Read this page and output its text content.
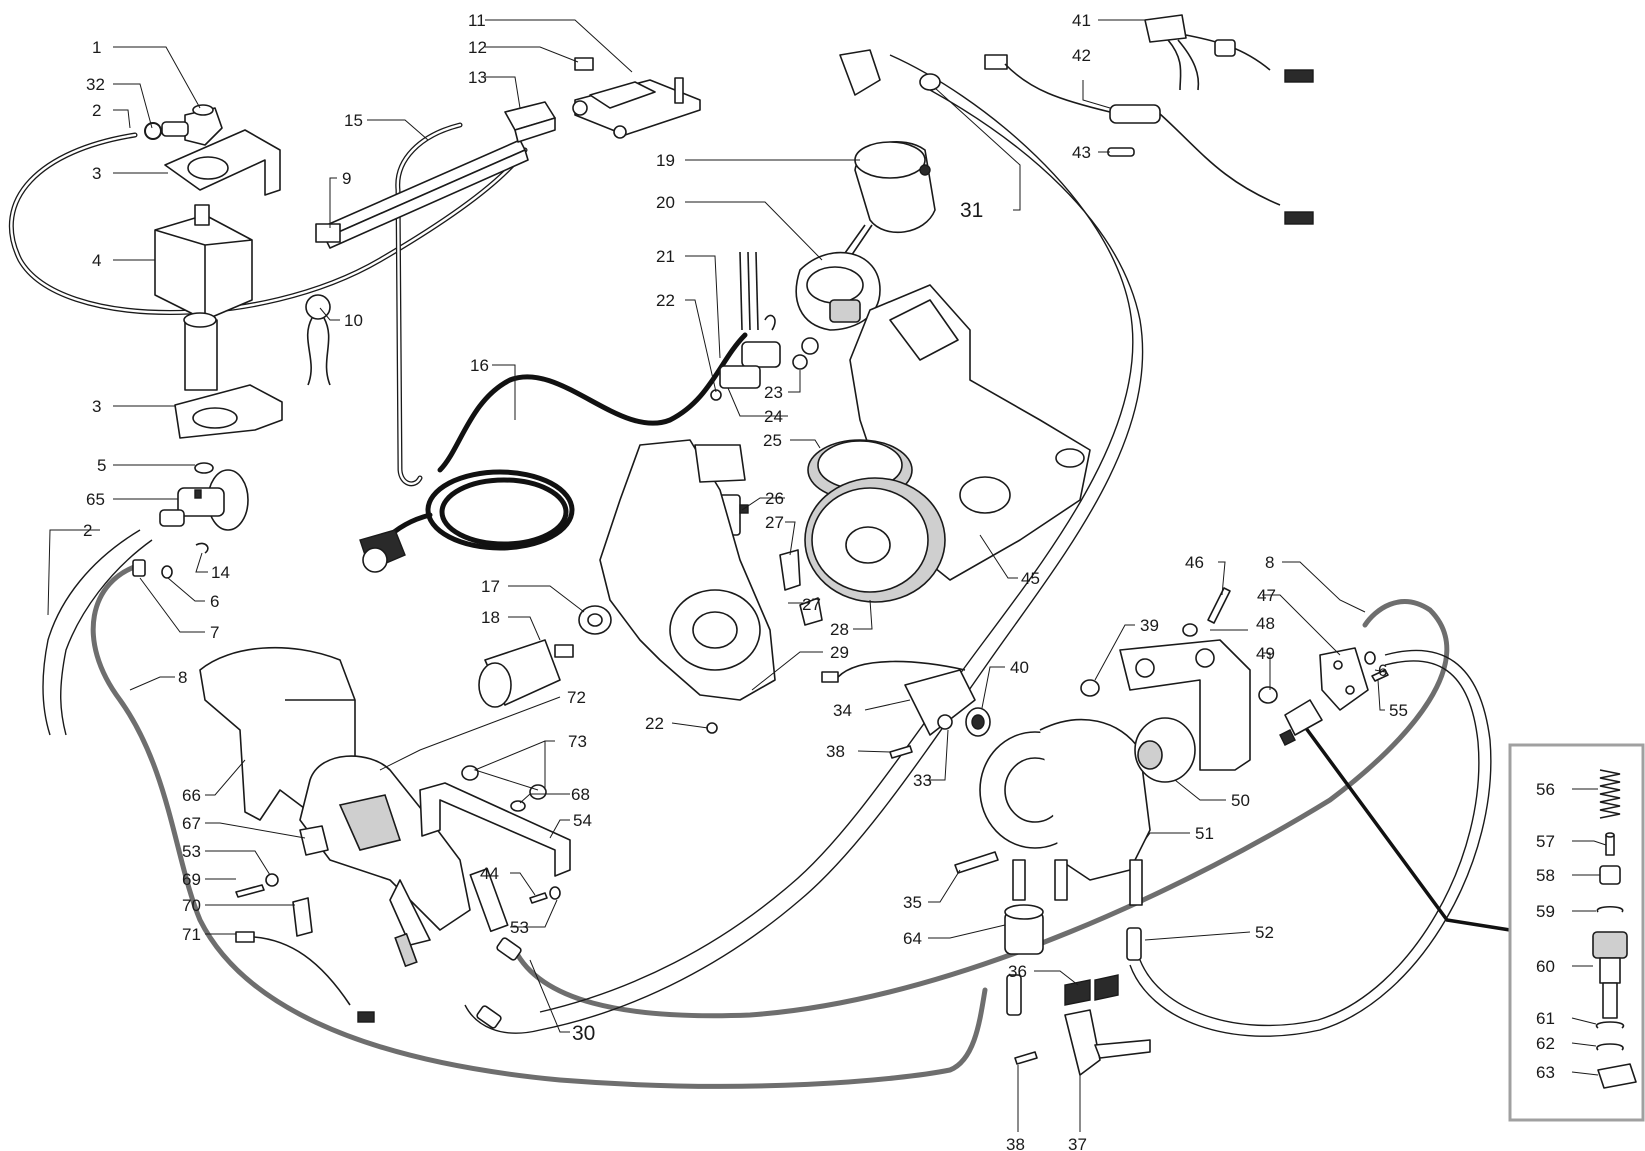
1
32
2
3
4
3
5
65
2
14
6
7
8
11
12
13
15
9
10
16
17
18
19
20
21
22
23
24
25
26
27
27
28
29
22
72
73
68
54
44
53
66
67
53
69
70
71
30
31
41
42
43
45
46	8
47
48
39
49
6
55
40
34
38
33
50
51
35
64	52
36
38	37
56
57
58
59
60
61
62
63
